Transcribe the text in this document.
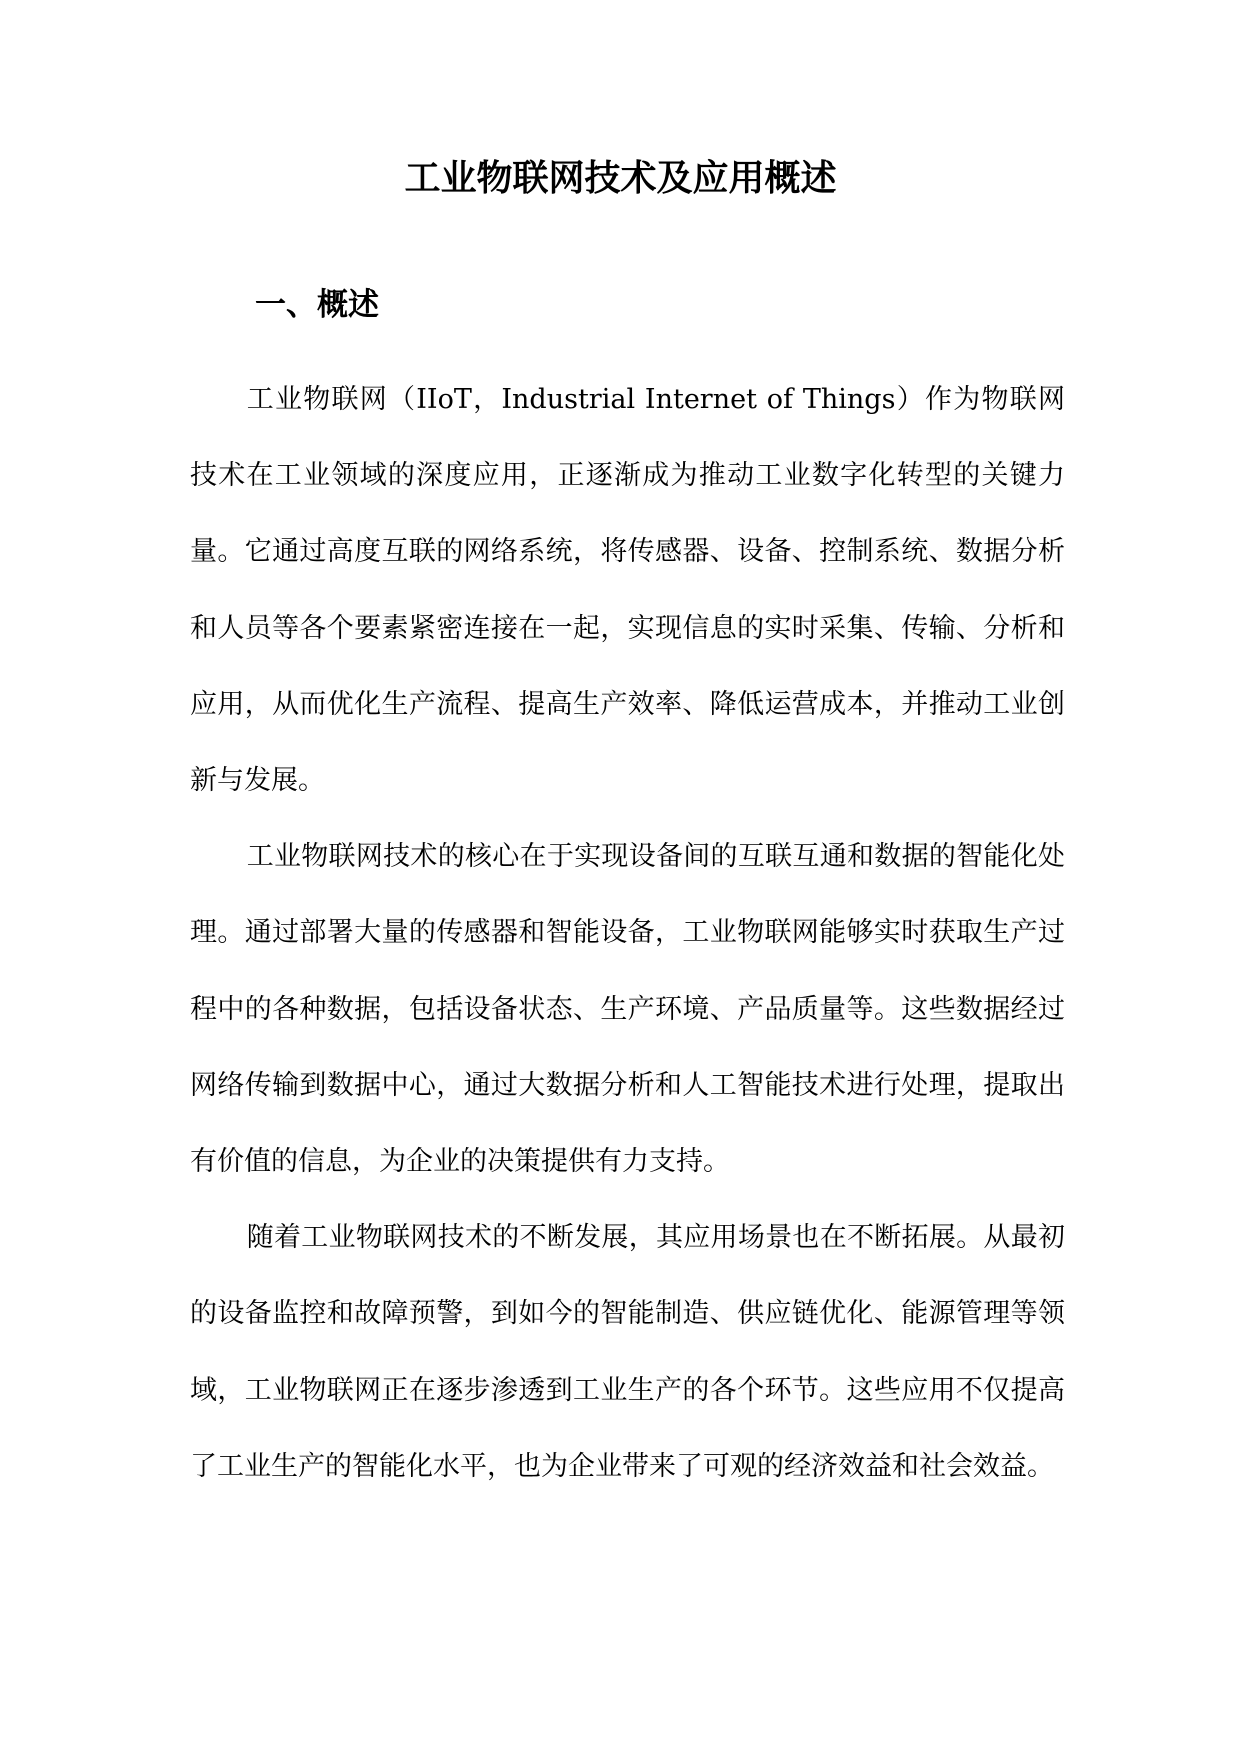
工业物联网技术及应用概述
一、概述

工业物联网（IIoT，Industrial Internet of Things）作为物联网技术在工业领域的深度应用，正逐渐成为推动工业数字化转型的关键力量。它通过高度互联的网络系统，将传感器、设备、控制系统、数据分析和人员等各个要素紧密连接在一起，实现信息的实时采集、传输、分析和应用，从而优化生产流程、提高生产效率、降低运营成本，并推动工业创新与发展。

工业物联网技术的核心在于实现设备间的互联互通和数据的智能化处理。通过部署大量的传感器和智能设备，工业物联网能够实时获取生产过程中的各种数据，包括设备状态、生产环境、产品质量等。这些数据经过网络传输到数据中心，通过大数据分析和人工智能技术进行处理，提取出有价值的信息，为企业的决策提供有力支持。

随着工业物联网技术的不断发展，其应用场景也在不断拓展。从最初的设备监控和故障预警，到如今的智能制造、供应链优化、能源管理等领域，工业物联网正在逐步渗透到工业生产的各个环节。这些应用不仅提高了工业生产的智能化水平，也为企业带来了可观的经济效益和社会效益。
